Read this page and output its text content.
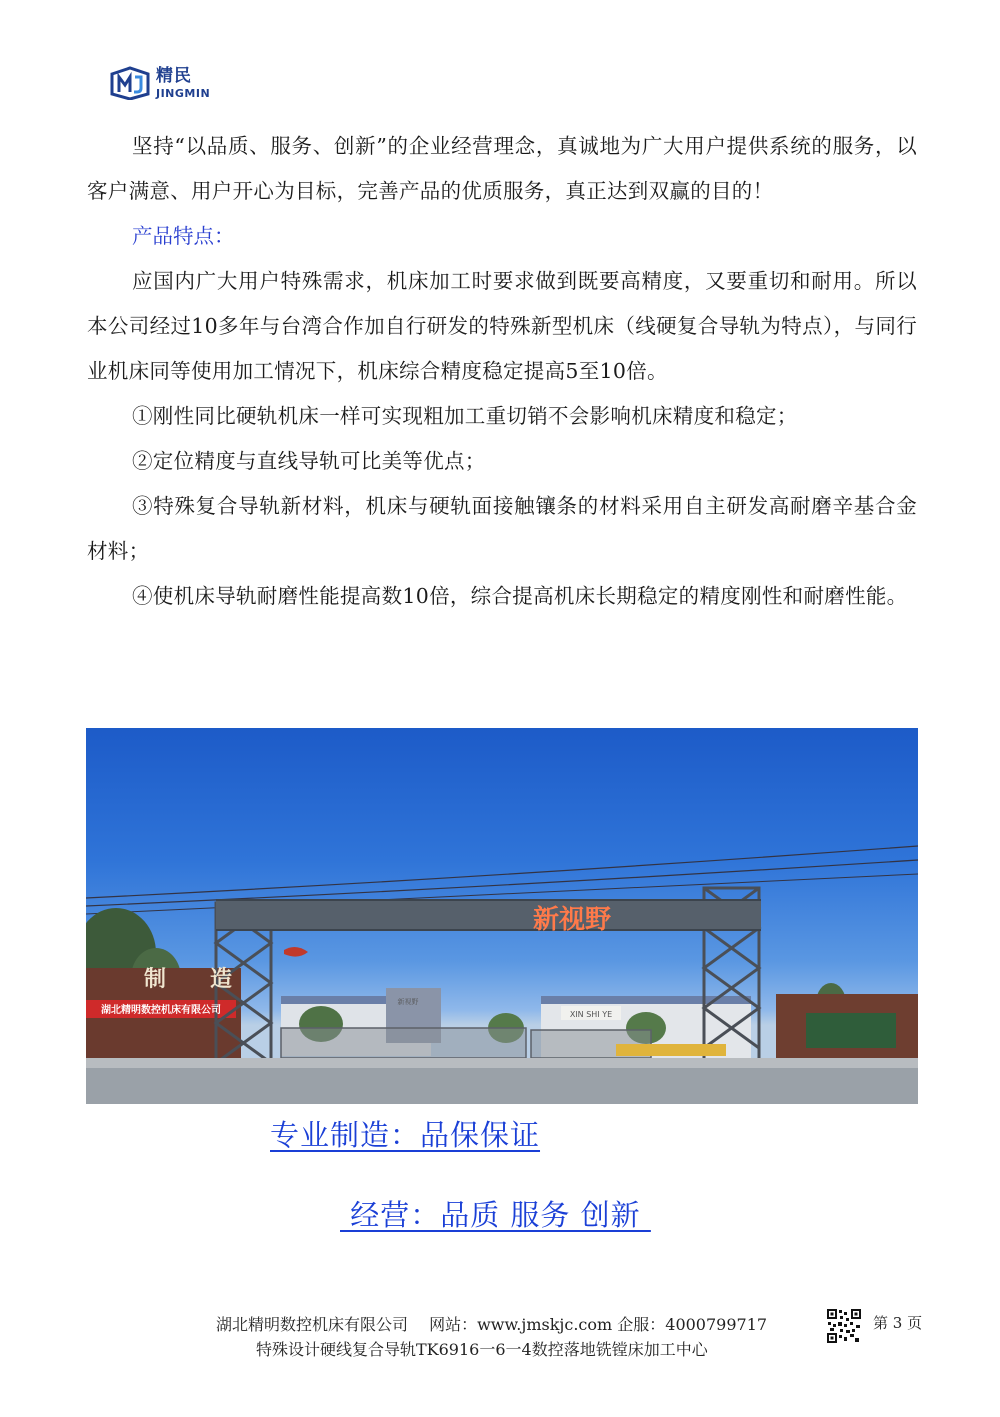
精民
JINGMIN

坚持“以品质、服务、创新”的企业经营理念，真诚地为广大用户提供系统的服务，以客户满意、用户开心为目标，完善产品的优质服务，真正达到双赢的目的！

产品特点：

应国内广大用户特殊需求，机床加工时要求做到既要高精度，又要重切和耐用。所以本公司经过10多年与台湾合作加自行研发的特殊新型机床（线硬复合导轨为特点），与同行业机床同等使用加工情况下，机床综合精度稳定提高5至10倍。

①刚性同比硬轨机床一样可实现粗加工重切销不会影响机床精度和稳定；

②定位精度与直线导轨可比美等优点；

③特殊复合导轨新材料，机床与硬轨面接触镶条的材料采用自主研发高耐磨辛基合金材料；

④使机床导轨耐磨性能提高数10倍，综合提高机床长期稳定的精度刚性和耐磨性能。

新视野
制　　造
湖北精明数控机床有限公司
新视野
XIN SHI YE
专业制造：品保保证
经营：品质 服务 创新
湖北精明数控机床有限公司　 网站：www.jmskjc.com 企服：4000799717
特殊设计硬线复合导轨TK6916一6一4数控落地铣镗床加工中心
第 3 页
